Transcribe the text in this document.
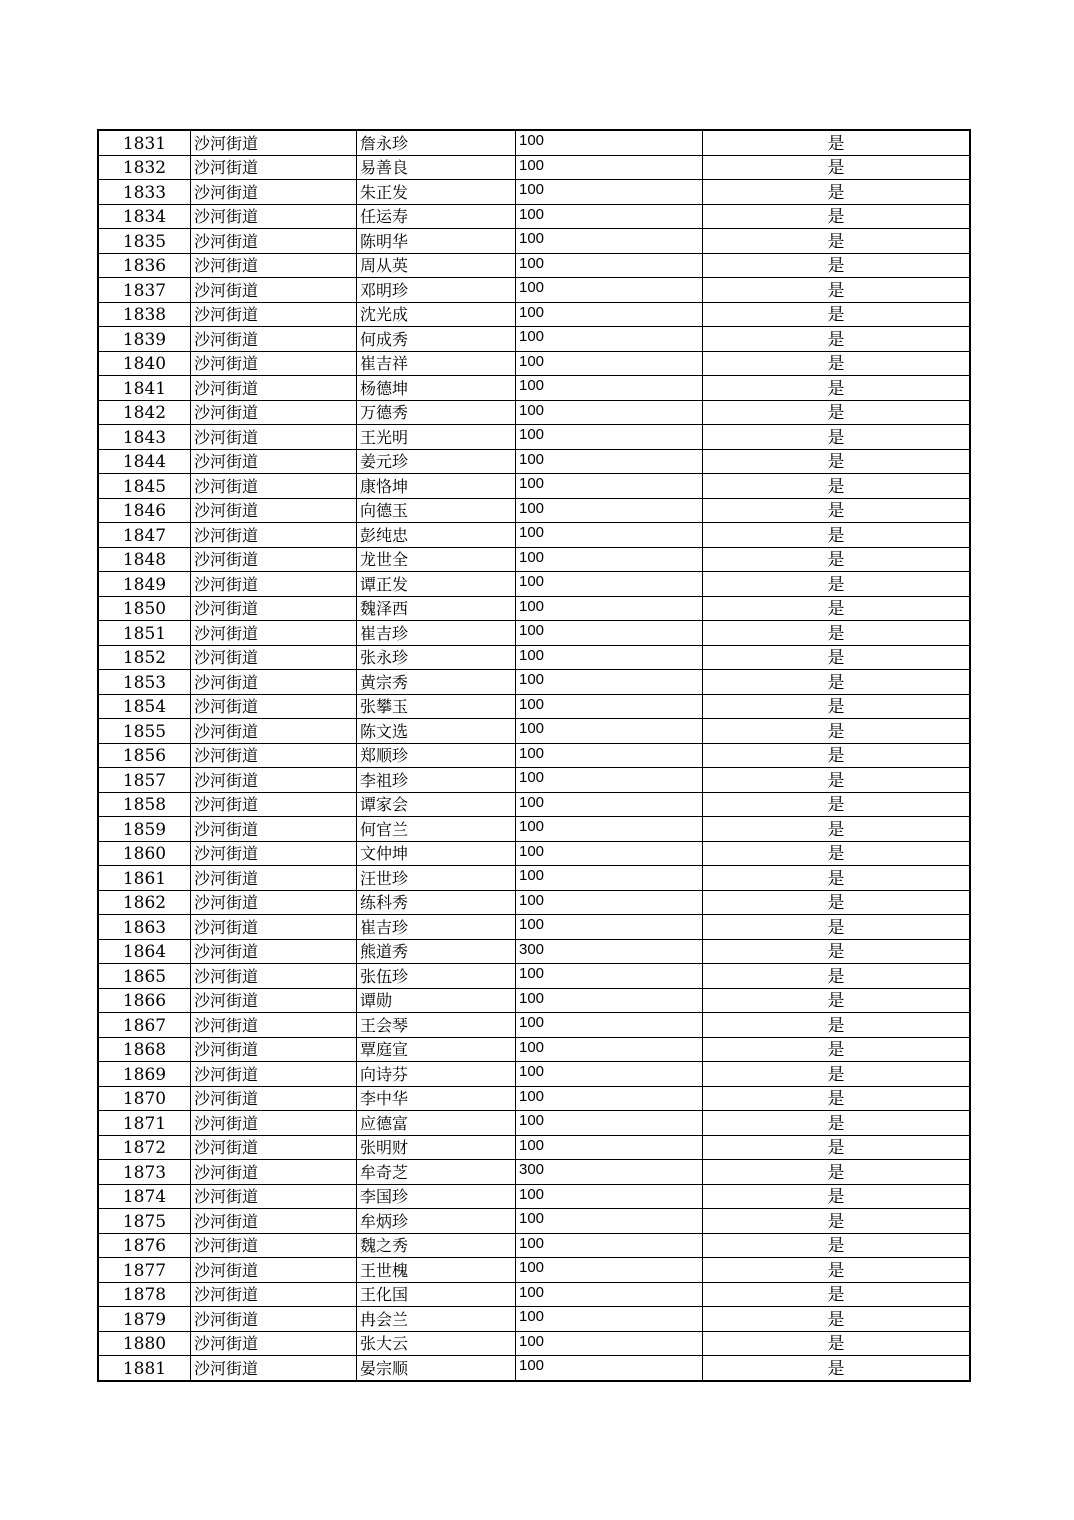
1831	沙河街道	詹永珍	100	是
1832	沙河街道	易善良	100	是
1833	沙河街道	朱正发	100	是
1834	沙河街道	任运寿	100	是
1835	沙河街道	陈明华	100	是
1836	沙河街道	周从英	100	是
1837	沙河街道	邓明珍	100	是
1838	沙河街道	沈光成	100	是
1839	沙河街道	何成秀	100	是
1840	沙河街道	崔吉祥	100	是
1841	沙河街道	杨德坤	100	是
1842	沙河街道	万德秀	100	是
1843	沙河街道	王光明	100	是
1844	沙河街道	姜元珍	100	是
1845	沙河街道	康恪坤	100	是
1846	沙河街道	向德玉	100	是
1847	沙河街道	彭纯忠	100	是
1848	沙河街道	龙世全	100	是
1849	沙河街道	谭正发	100	是
1850	沙河街道	魏泽西	100	是
1851	沙河街道	崔吉珍	100	是
1852	沙河街道	张永珍	100	是
1853	沙河街道	黄宗秀	100	是
1854	沙河街道	张攀玉	100	是
1855	沙河街道	陈文选	100	是
1856	沙河街道	郑顺珍	100	是
1857	沙河街道	李祖珍	100	是
1858	沙河街道	谭家会	100	是
1859	沙河街道	何官兰	100	是
1860	沙河街道	文仲坤	100	是
1861	沙河街道	汪世珍	100	是
1862	沙河街道	练科秀	100	是
1863	沙河街道	崔吉珍	100	是
1864	沙河街道	熊道秀	300	是
1865	沙河街道	张伍珍	100	是
1866	沙河街道	谭勋	100	是
1867	沙河街道	王会琴	100	是
1868	沙河街道	覃庭宣	100	是
1869	沙河街道	向诗芬	100	是
1870	沙河街道	李中华	100	是
1871	沙河街道	应德富	100	是
1872	沙河街道	张明财	100	是
1873	沙河街道	牟奇芝	300	是
1874	沙河街道	李国珍	100	是
1875	沙河街道	牟炳珍	100	是
1876	沙河街道	魏之秀	100	是
1877	沙河街道	王世槐	100	是
1878	沙河街道	王化国	100	是
1879	沙河街道	冉会兰	100	是
1880	沙河街道	张大云	100	是
1881	沙河街道	晏宗顺	100	是
